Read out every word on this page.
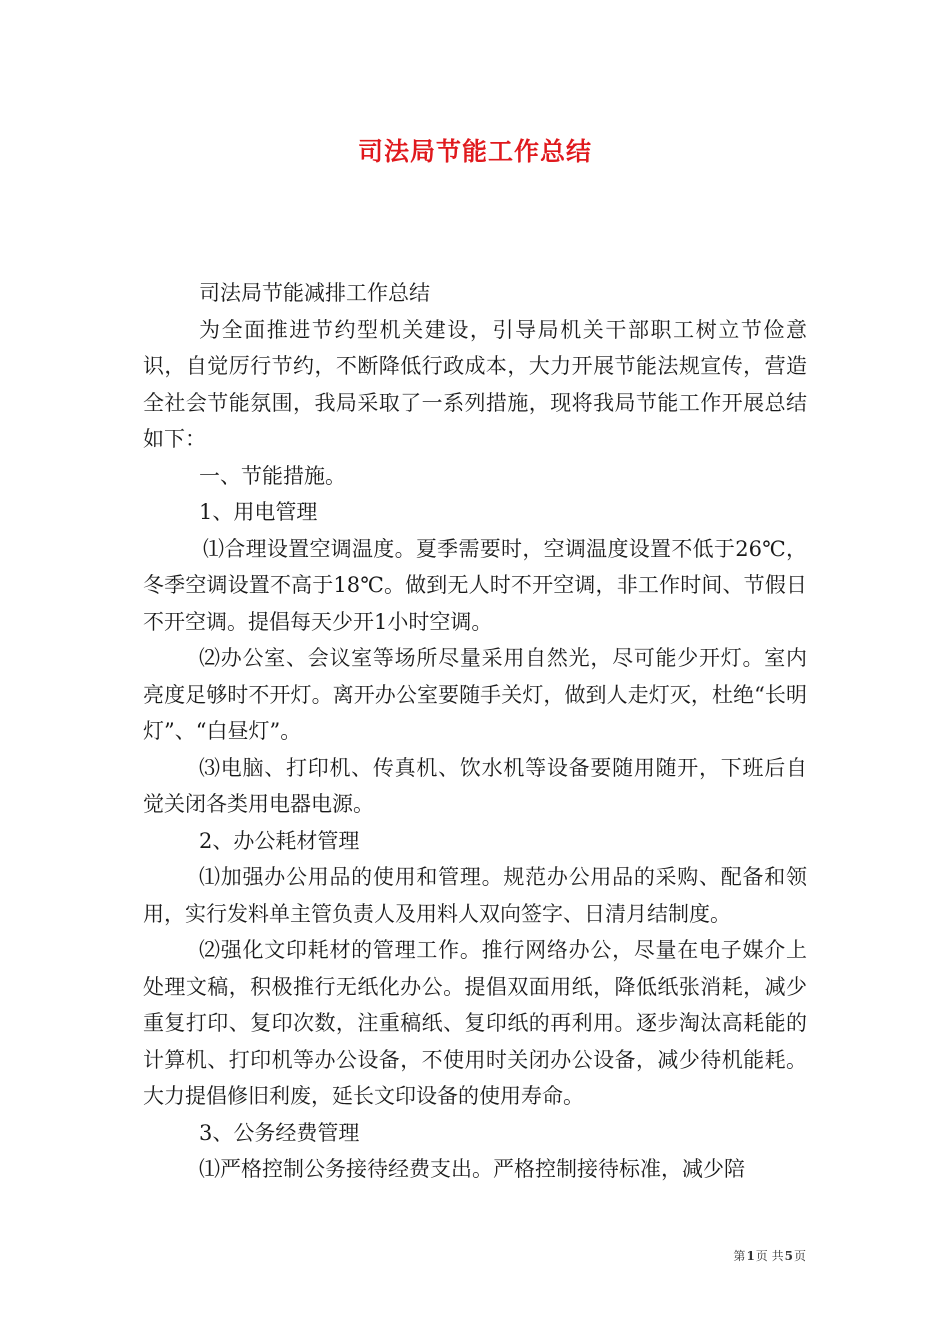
司法局节能工作总结

司法局节能减排工作总结

为全面推进节约型机关建设，引导局机关干部职工树立节俭意识，自觉厉行节约，不断降低行政成本，大力开展节能法规宣传，营造全社会节能氛围，我局采取了一系列措施，现将我局节能工作开展总结如下：

一、节能措施。

1、用电管理

⑴合理设置空调温度。夏季需要时，空调温度设置不低于26℃，冬季空调设置不高于18℃。做到无人时不开空调，非工作时间、节假日不开空调。提倡每天少开1小时空调。

⑵办公室、会议室等场所尽量采用自然光，尽可能少开灯。室内亮度足够时不开灯。离开办公室要随手关灯，做到人走灯灭，杜绝“长明灯”、“白昼灯”。

⑶电脑、打印机、传真机、饮水机等设备要随用随开，下班后自觉关闭各类用电器电源。

2、办公耗材管理

⑴加强办公用品的使用和管理。规范办公用品的采购、配备和领用，实行发料单主管负责人及用料人双向签字、日清月结制度。

⑵强化文印耗材的管理工作。推行网络办公，尽量在电子媒介上处理文稿，积极推行无纸化办公。提倡双面用纸，降低纸张消耗，减少重复打印、复印次数，注重稿纸、复印纸的再利用。逐步淘汰高耗能的计算机、打印机等办公设备，不使用时关闭办公设备，减少待机能耗。大力提倡修旧利废，延长文印设备的使用寿命。

3、公务经费管理

⑴严格控制公务接待经费支出。严格控制接待标准，减少陪

第1页 共5页
